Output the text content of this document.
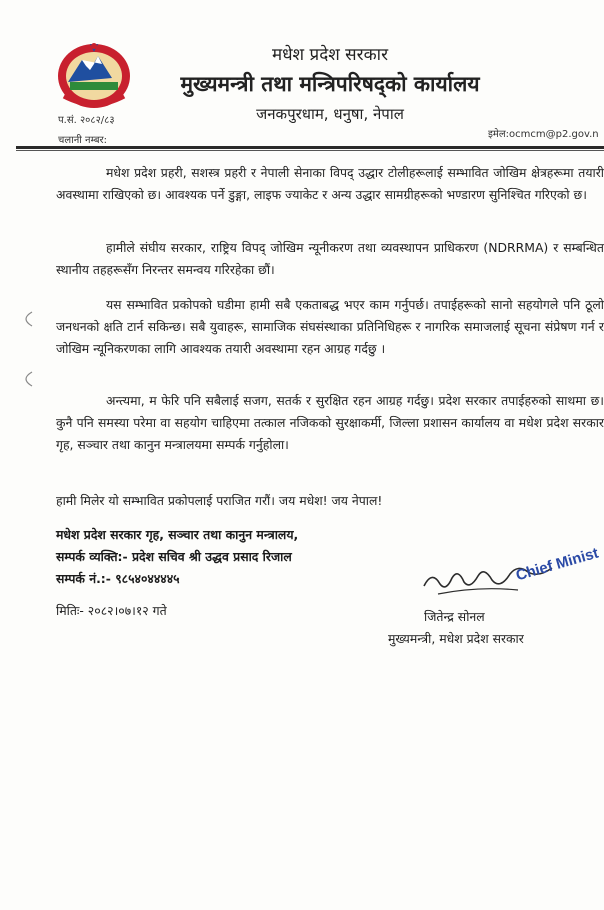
मधेश प्रदेश सरकार
मुख्यमन्त्री तथा मन्त्रिपरिषद्को कार्यालय
जनकपुरधाम, धनुषा, नेपाल
प.सं. २०८२/८३
चलानी नम्बर:
इमेल:ocmcm@p2.gov.n

मधेश प्रदेश प्रहरी, सशस्त्र प्रहरी र नेपाली सेनाका विपद् उद्धार टोलीहरूलाई सम्भावित जोखिम क्षेत्रहरूमा तयारी अवस्थामा राखिएको छ। आवश्यक पर्ने डुङ्गा, लाइफ ज्याकेट र अन्य उद्धार सामग्रीहरूको भण्डारण सुनिश्चित गरिएको छ।

हामीले संघीय सरकार, राष्ट्रिय विपद् जोखिम न्यूनीकरण तथा व्यवस्थापन प्राधिकरण (NDRRMA) र सम्बन्धित स्थानीय तहहरूसँग निरन्तर समन्वय गरिरहेका छौं।

यस सम्भावित प्रकोपको घडीमा हामी सबै एकताबद्ध भएर काम गर्नुपर्छ। तपाईहरूको सानो सहयोगले पनि ठूलो जनधनको क्षति टार्न सकिन्छ। सबै युवाहरू, सामाजिक संघसंस्थाका प्रतिनिधिहरू र नागरिक समाजलाई सूचना संप्रेषण गर्न र जोखिम न्यूनिकरणका लागि आवश्यक तयारी अवस्थामा रहन आग्रह गर्दछु ।

अन्त्यमा, म फेरि पनि सबैलाई सजग, सतर्क र सुरक्षित रहन आग्रह गर्दछु। प्रदेश सरकार तपाईहरुको साथमा छ। कुनै पनि समस्या परेमा वा सहयोग चाहिएमा तत्काल नजिकको सुरक्षाकर्मी, जिल्ला प्रशासन कार्यालय वा मधेश प्रदेश सरकार गृह, सञ्चार तथा कानुन मन्त्रालयमा सम्पर्क गर्नुहोला।

हामी मिलेर यो सम्भावित प्रकोपलाई पराजित गरौं। जय मधेश! जय नेपाल!

मधेश प्रदेश सरकार गृह, सञ्चार तथा कानुन मन्त्रालय,
सम्पर्क व्यक्ति:- प्रदेश सचिव श्री उद्धव प्रसाद रिजाल
सम्पर्क नं.:- ९८५४०४४४४५
मितिः- २०८२।०७।१२ गते
Chief Minist
जितेन्द्र सोनल
मुख्यमन्त्री, मधेश प्रदेश सरकार
